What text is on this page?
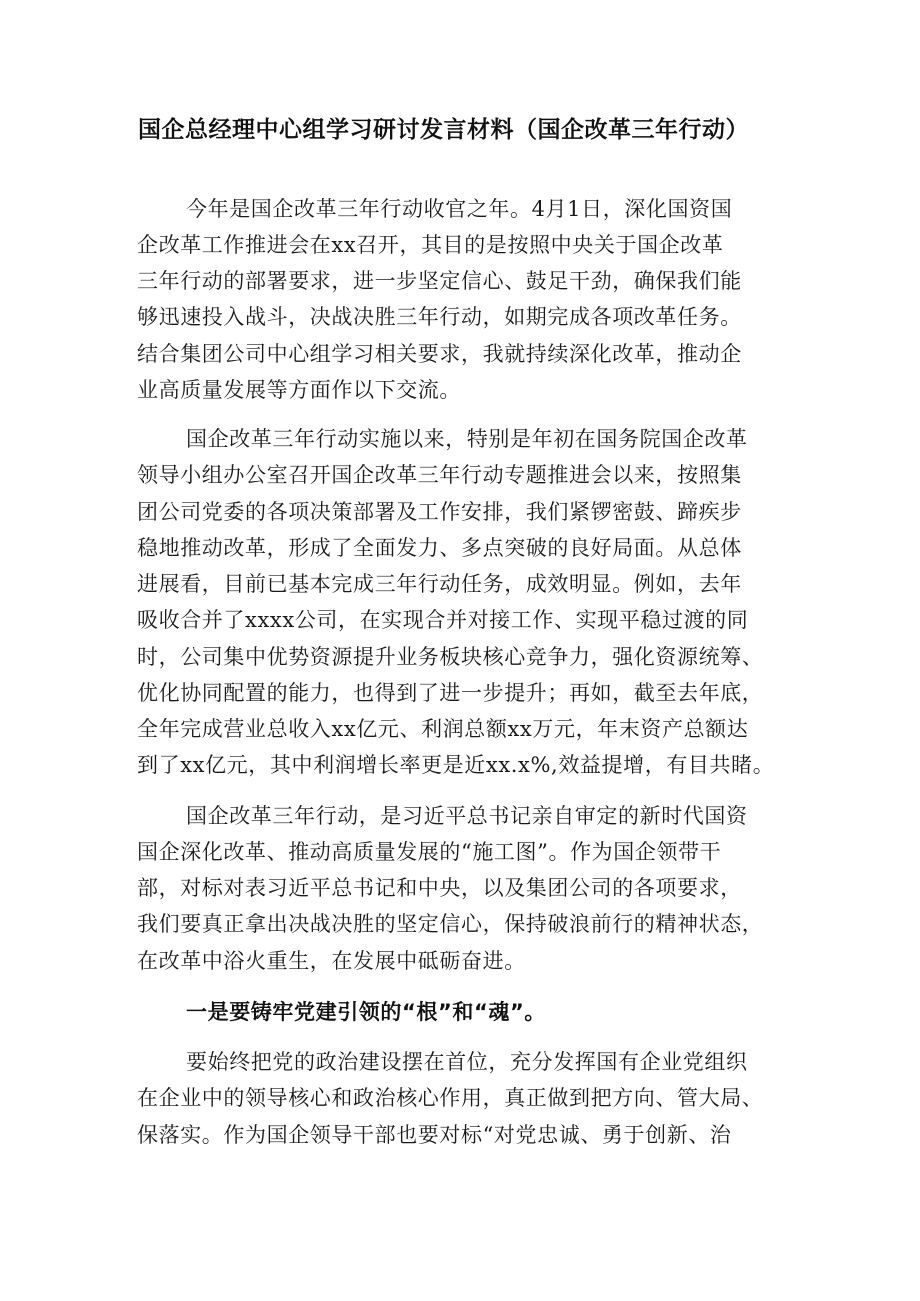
国企总经理中心组学习研讨发言材料（国企改革三年行动）

今年是国企改革三年行动收官之年。4月1日，深化国资国

企改革工作推进会在xx召开，其目的是按照中央关于国企改革

三年行动的部署要求，进一步坚定信心、鼓足干劲，确保我们能

够迅速投入战斗，决战决胜三年行动，如期完成各项改革任务。

结合集团公司中心组学习相关要求，我就持续深化改革，推动企

业高质量发展等方面作以下交流。

国企改革三年行动实施以来，特别是年初在国务院国企改革

领导小组办公室召开国企改革三年行动专题推进会以来，按照集

团公司党委的各项决策部署及工作安排，我们紧锣密鼓、蹄疾步

稳地推动改革，形成了全面发力、多点突破的良好局面。从总体

进展看，目前已基本完成三年行动任务，成效明显。例如，去年

吸收合并了xxxx公司，在实现合并对接工作、实现平稳过渡的同

时，公司集中优势资源提升业务板块核心竞争力，强化资源统筹、

优化协同配置的能力，也得到了进一步提升；再如，截至去年底，

全年完成营业总收入xx亿元、利润总额xx万元，年末资产总额达

到了xx亿元，其中利润增长率更是近xx.x%,效益提增，有目共睹。

国企改革三年行动，是习近平总书记亲自审定的新时代国资

国企深化改革、推动高质量发展的“施工图”。作为国企领带干

部，对标对表习近平总书记和中央，以及集团公司的各项要求，

我们要真正拿出决战决胜的坚定信心，保持破浪前行的精神状态，

在改革中浴火重生，在发展中砥砺奋进。

一是要铸牢党建引领的“根”和“魂”。

要始终把党的政治建设摆在首位，充分发挥国有企业党组织

在企业中的领导核心和政治核心作用，真正做到把方向、管大局、

保落实。作为国企领导干部也要对标“对党忠诚、勇于创新、治
